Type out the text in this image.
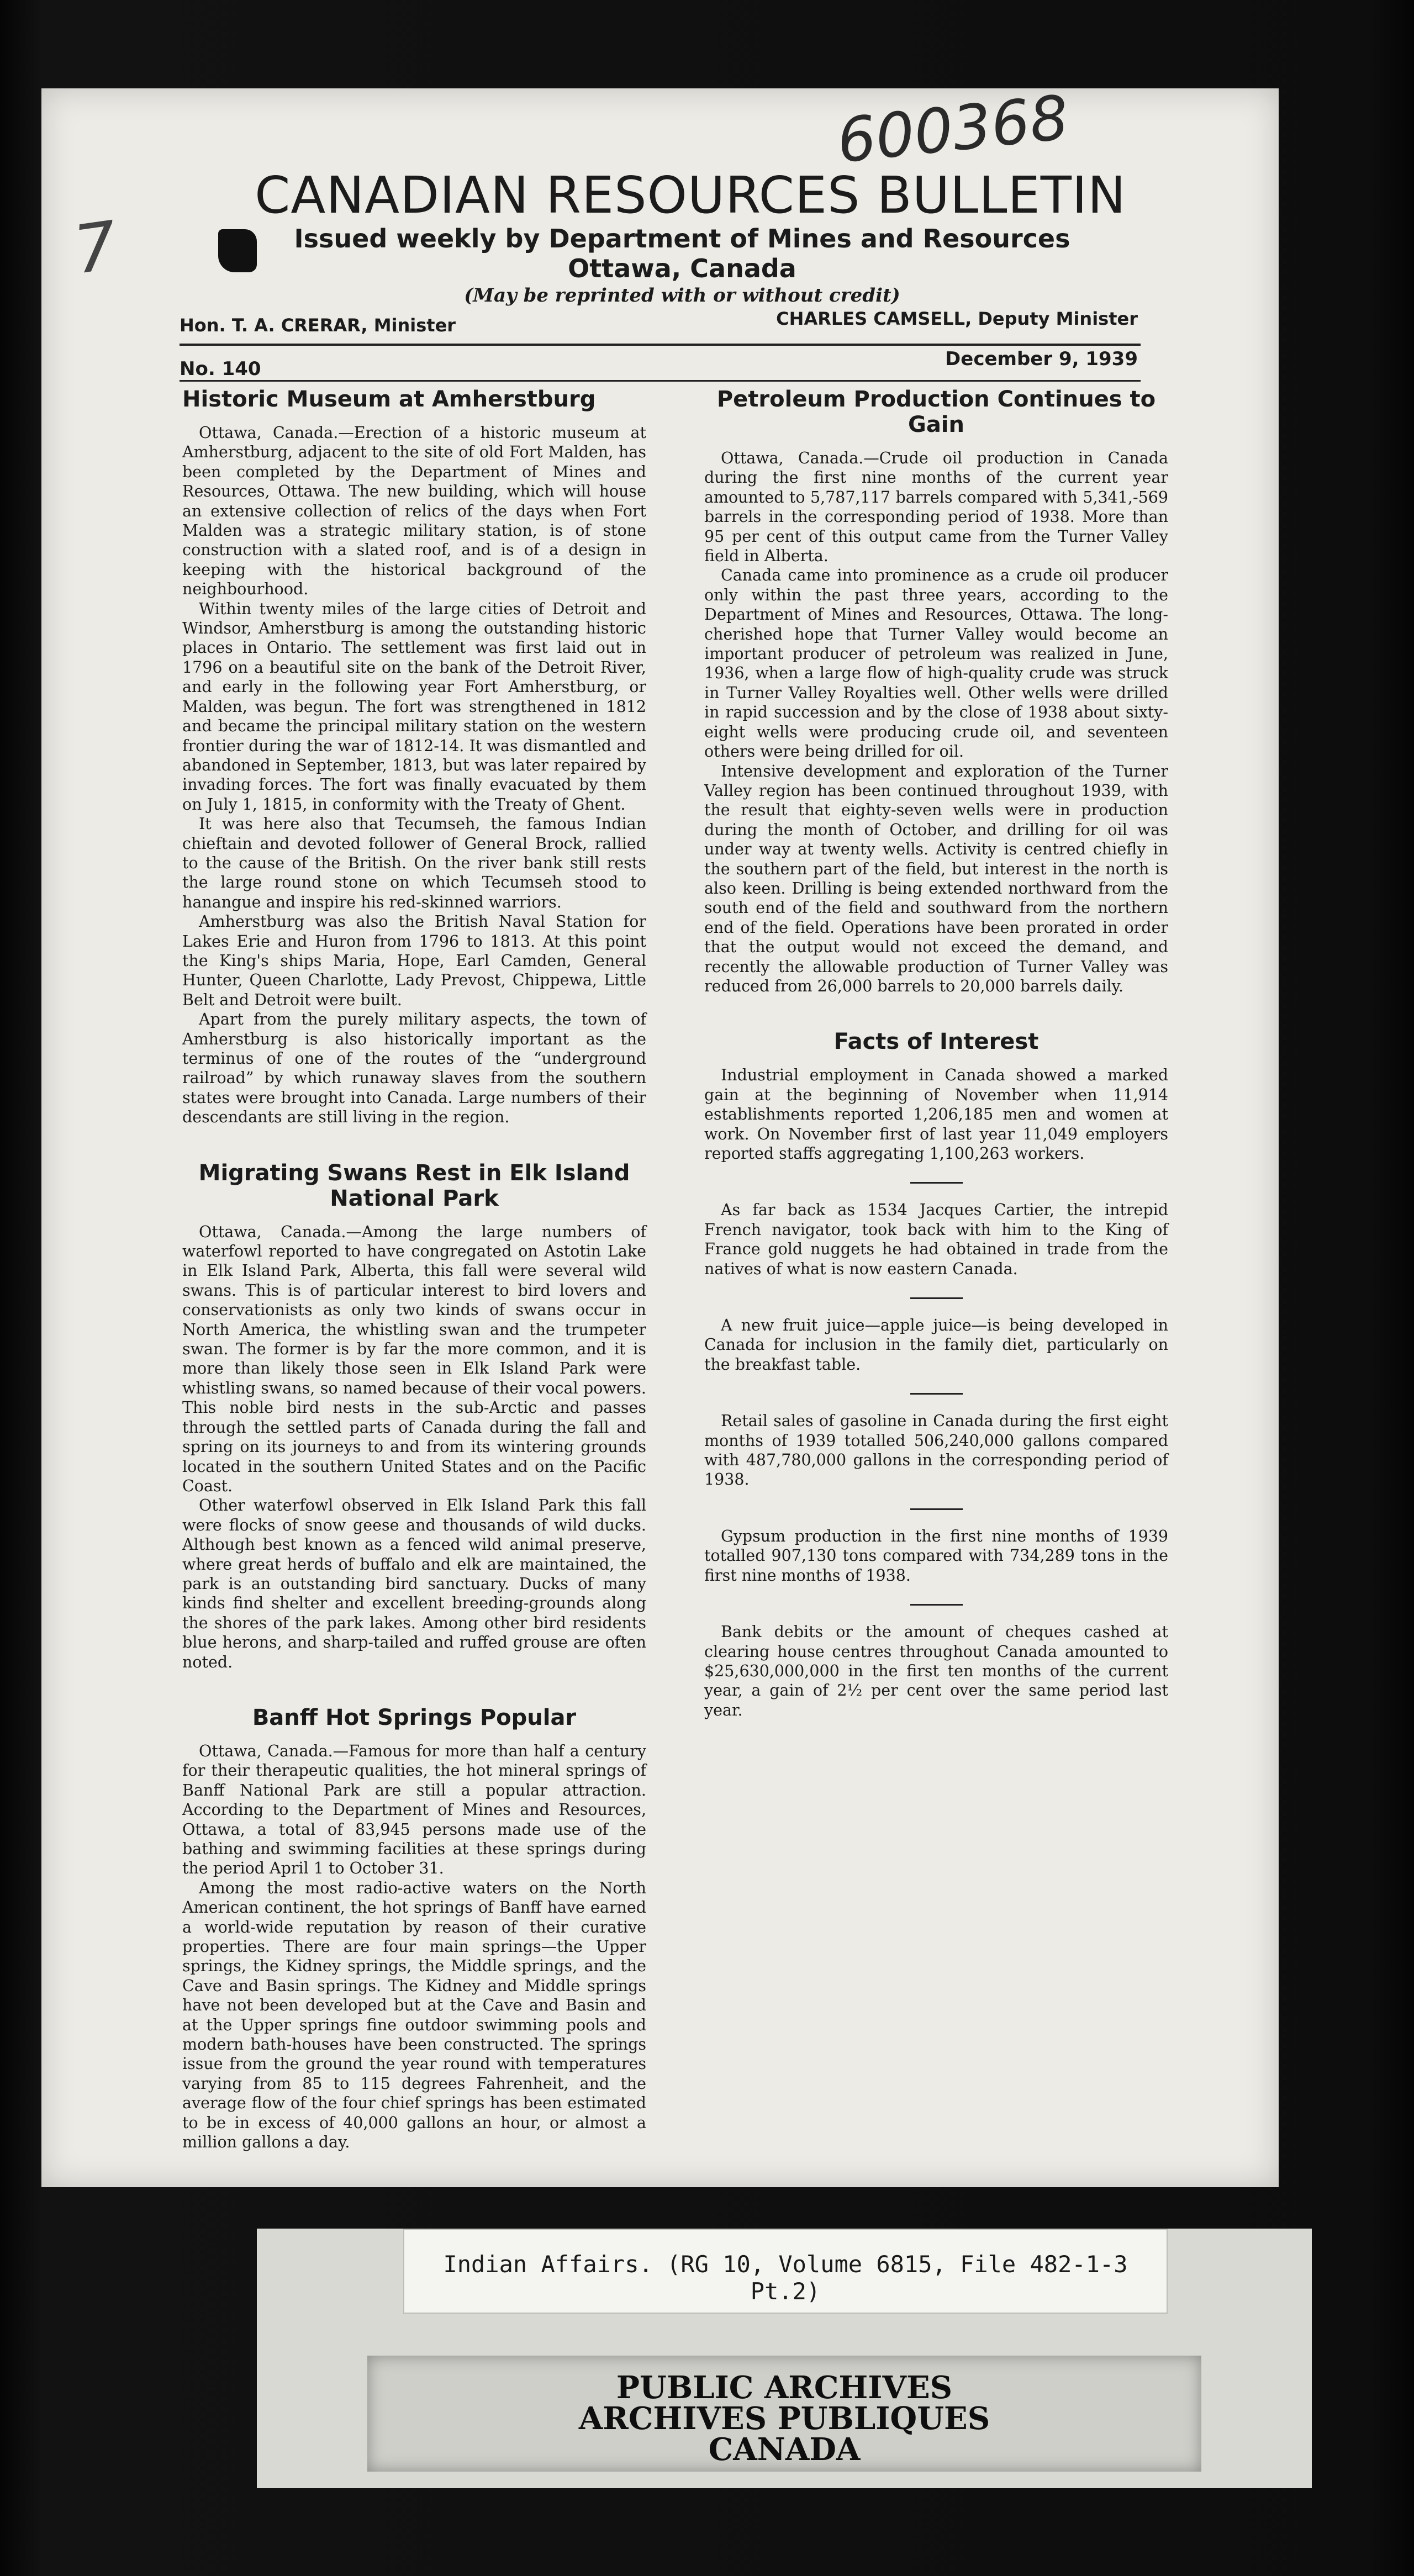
600368
7
CANADIAN RESOURCES BULLETIN
Issued weekly by Department of Mines and Resources
Ottawa, Canada
(May be reprinted with or without credit)
Hon. T. A. CRERAR, Minister	CHARLES CAMSELL, Deputy Minister
No. 140	December 9, 1939
Historic Museum at Amherstburg

Ottawa, Canada.—Erection of a historic museum at Amherstburg, adjacent to the site of old Fort Malden, has been completed by the Department of Mines and Resources, Ottawa. The new building, which will house an extensive collection of relics of the days when Fort Malden was a strategic military station, is of stone construction with a slated roof, and is of a design in keeping with the historical background of the neighbourhood.

Within twenty miles of the large cities of Detroit and Windsor, Amherstburg is among the outstanding historic places in Ontario. The settlement was first laid out in 1796 on a beautiful site on the bank of the Detroit River, and early in the following year Fort Amherstburg, or Malden, was begun. The fort was strengthened in 1812 and became the principal military station on the western frontier during the war of 1812-14. It was dismantled and abandoned in September, 1813, but was later repaired by invading forces. The fort was finally evacuated by them on July 1, 1815, in conformity with the Treaty of Ghent.

It was here also that Tecumseh, the famous Indian chieftain and devoted follower of General Brock, rallied to the cause of the British. On the river bank still rests the large round stone on which Tecumseh stood to hanangue and inspire his red-skinned warriors.

Amherstburg was also the British Naval Station for Lakes Erie and Huron from 1796 to 1813. At this point the King's ships Maria, Hope, Earl Camden, General Hunter, Queen Charlotte, Lady Prevost, Chippewa, Little Belt and Detroit were built.

Apart from the purely military aspects, the town of Amherstburg is also historically important as the terminus of one of the routes of the “underground railroad” by which runaway slaves from the southern states were brought into Canada. Large numbers of their descendants are still living in the region.

Migrating Swans Rest in Elk Island National Park

Ottawa, Canada.—Among the large numbers of waterfowl reported to have congregated on Astotin Lake in Elk Island Park, Alberta, this fall were several wild swans. This is of particular interest to bird lovers and conservationists as only two kinds of swans occur in North America, the whistling swan and the trumpeter swan. The former is by far the more common, and it is more than likely those seen in Elk Island Park were whistling swans, so named because of their vocal powers. This noble bird nests in the sub-Arctic and passes through the settled parts of Canada during the fall and spring on its journeys to and from its wintering grounds located in the southern United States and on the Pacific Coast.

Other waterfowl observed in Elk Island Park this fall were flocks of snow geese and thousands of wild ducks. Although best known as a fenced wild animal preserve, where great herds of buffalo and elk are maintained, the park is an outstanding bird sanctuary. Ducks of many kinds find shelter and excellent breeding-grounds along the shores of the park lakes. Among other bird residents blue herons, and sharp-tailed and ruffed grouse are often noted.

Banff Hot Springs Popular

Ottawa, Canada.—Famous for more than half a century for their therapeutic qualities, the hot mineral springs of Banff National Park are still a popular attraction. According to the Department of Mines and Resources, Ottawa, a total of 83,945 persons made use of the bathing and swimming facilities at these springs during the period April 1 to October 31.

Among the most radio-active waters on the North American continent, the hot springs of Banff have earned a world-wide reputation by reason of their curative properties. There are four main springs—the Upper springs, the Kidney springs, the Middle springs, and the Cave and Basin springs. The Kidney and Middle springs have not been developed but at the Cave and Basin and at the Upper springs fine outdoor swimming pools and modern bath-houses have been constructed. The springs issue from the ground the year round with temperatures varying from 85 to 115 degrees Fahrenheit, and the average flow of the four chief springs has been estimated to be in excess of 40,000 gallons an hour, or almost a million gallons a day.

Petroleum Production Continues to Gain

Ottawa, Canada.—Crude oil production in Canada during the first nine months of the current year amounted to 5,787,117 barrels compared with 5,341,-569 barrels in the corresponding period of 1938. More than 95 per cent of this output came from the Turner Valley field in Alberta.

Canada came into prominence as a crude oil producer only within the past three years, according to the Department of Mines and Resources, Ottawa. The long-cherished hope that Turner Valley would become an important producer of petroleum was realized in June, 1936, when a large flow of high-quality crude was struck in Turner Valley Royalties well. Other wells were drilled in rapid succession and by the close of 1938 about sixty-eight wells were producing crude oil, and seventeen others were being drilled for oil.

Intensive development and exploration of the Turner Valley region has been continued throughout 1939, with the result that eighty-seven wells were in production during the month of October, and drilling for oil was under way at twenty wells. Activity is centred chiefly in the southern part of the field, but interest in the north is also keen. Drilling is being extended northward from the south end of the field and southward from the northern end of the field. Operations have been prorated in order that the output would not exceed the demand, and recently the allowable production of Turner Valley was reduced from 26,000 barrels to 20,000 barrels daily.

Facts of Interest

Industrial employment in Canada showed a marked gain at the beginning of November when 11,914 establishments reported 1,206,185 men and women at work. On November first of last year 11,049 employers reported staffs aggregating 1,100,263 workers.

As far back as 1534 Jacques Cartier, the intrepid French navigator, took back with him to the King of France gold nuggets he had obtained in trade from the natives of what is now eastern Canada.

A new fruit juice—apple juice—is being developed in Canada for inclusion in the family diet, particularly on the breakfast table.

Retail sales of gasoline in Canada during the first eight months of 1939 totalled 506,240,000 gallons compared with 487,780,000 gallons in the corresponding period of 1938.

Gypsum production in the first nine months of 1939 totalled 907,130 tons compared with 734,289 tons in the first nine months of 1938.

Bank debits or the amount of cheques cashed at clearing house centres throughout Canada amounted to $25,630,000,000 in the first ten months of the current year, a gain of 2½ per cent over the same period last year.

Indian Affairs. (RG 10, Volume 6815, File 482-1-3 Pt.2)
PUBLIC ARCHIVES
ARCHIVES PUBLIQUES
CANADA
